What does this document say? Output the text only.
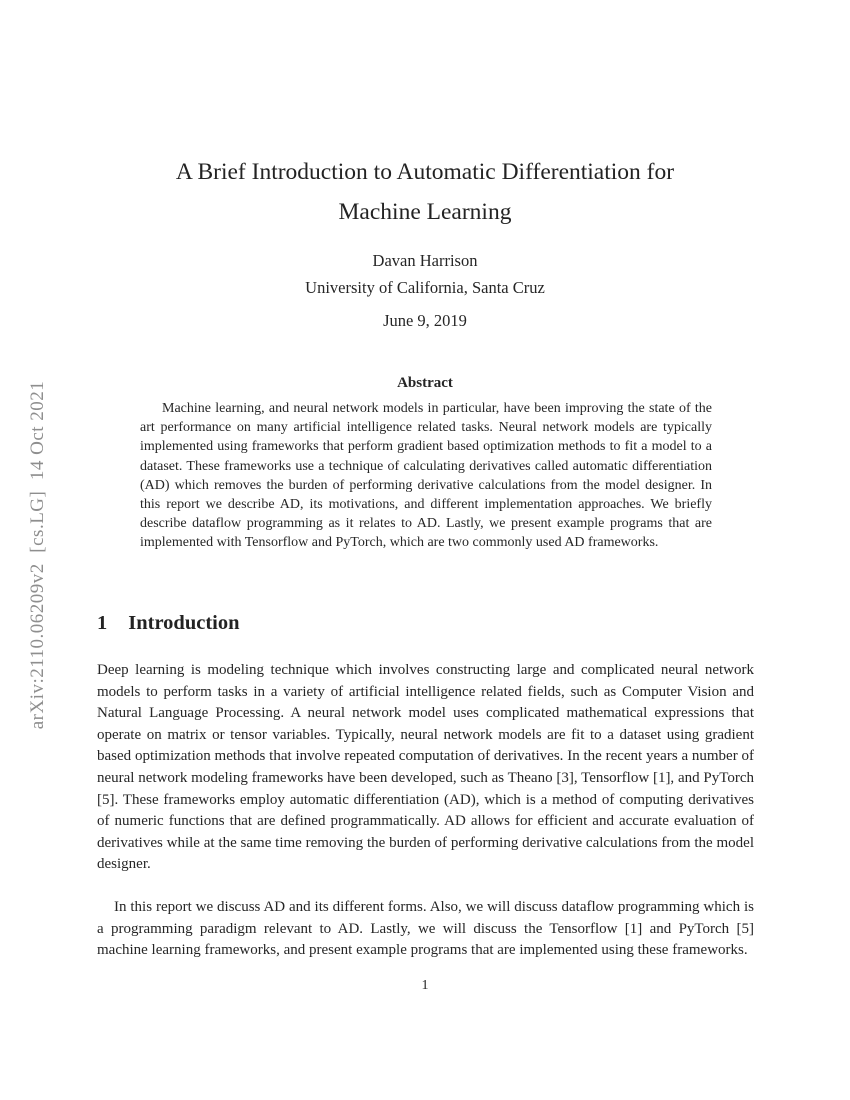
arXiv:2110.06209v2  [cs.LG]  14 Oct 2021
A Brief Introduction to Automatic Differentiation for
Machine Learning
Davan Harrison
University of California, Santa Cruz
June 9, 2019
Abstract
Machine learning, and neural network models in particular, have been improving the state of the art performance on many artificial intelligence related tasks. Neural network models are typically implemented using frameworks that perform gradient based optimization methods to fit a model to a dataset. These frameworks use a technique of calculating derivatives called automatic differentiation (AD) which removes the burden of performing derivative calculations from the model designer. In this report we describe AD, its motivations, and different implementation approaches. We briefly describe dataflow programming as it relates to AD. Lastly, we present example programs that are implemented with Tensorflow and PyTorch, which are two commonly used AD frameworks.
1 Introduction
Deep learning is modeling technique which involves constructing large and complicated neural network models to perform tasks in a variety of artificial intelligence related fields, such as Computer Vision and Natural Language Processing. A neural network model uses complicated mathematical expressions that operate on matrix or tensor variables. Typically, neural network models are fit to a dataset using gradient based optimization methods that involve repeated computation of derivatives. In the recent years a number of neural network modeling frameworks have been developed, such as Theano [3], Tensorflow [1], and PyTorch [5]. These frameworks employ automatic differentiation (AD), which is a method of computing derivatives of numeric functions that are defined programmatically. AD allows for efficient and accurate evaluation of derivatives while at the same time removing the burden of performing derivative calculations from the model designer.
In this report we discuss AD and its different forms. Also, we will discuss dataflow programming which is a programming paradigm relevant to AD. Lastly, we will discuss the Tensorflow [1] and PyTorch [5] machine learning frameworks, and present example programs that are implemented using these frameworks.
1
